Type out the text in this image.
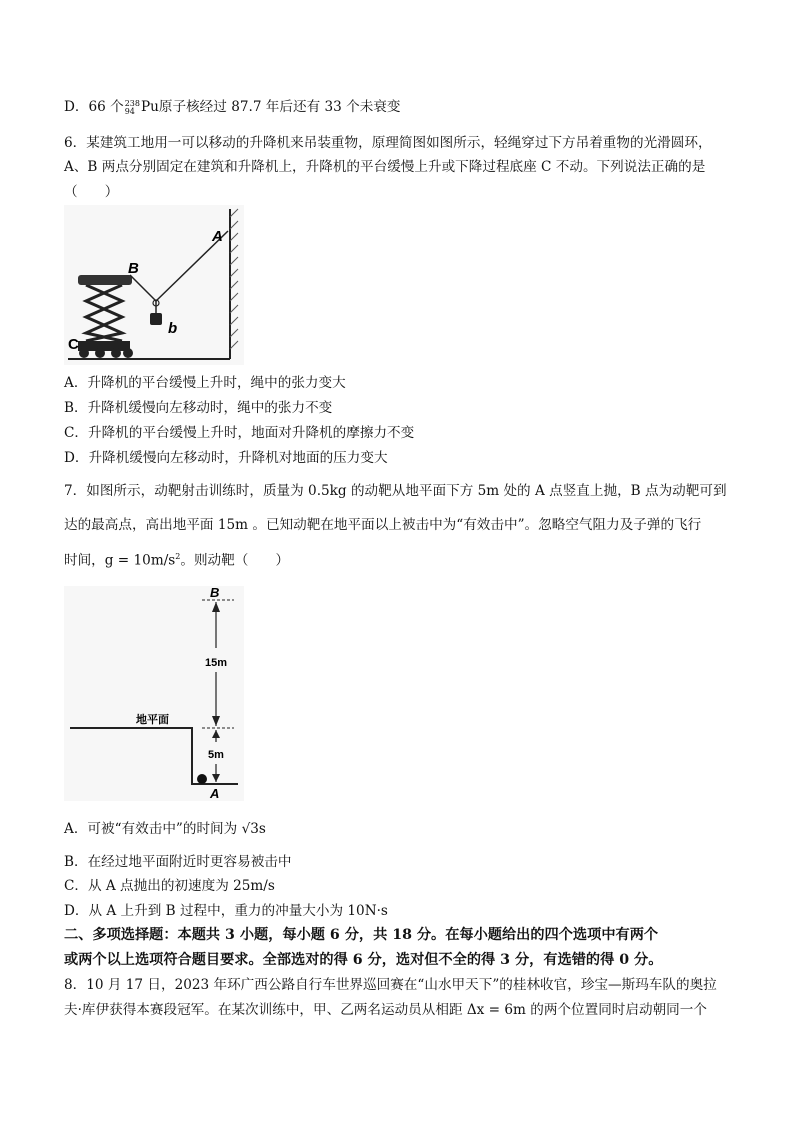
D．66 个 238
94 Pu原子核经过 87.7 年后还有 33 个未衰变
6．某建筑工地用一可以移动的升降机来吊装重物，原理简图如图所示，轻绳穿过下方吊着重物的光滑圆环，
A、B 两点分别固定在建筑和升降机上，升降机的平台缓慢上升或下降过程底座 C 不动。下列说法正确的是
（　　）
A
B
C
b
A．升降机的平台缓慢上升时，绳中的张力变大
B．升降机缓慢向左移动时，绳中的张力不变
C．升降机的平台缓慢上升时，地面对升降机的摩擦力不变
D．升降机缓慢向左移动时，升降机对地面的压力变大
7．如图所示，动靶射击训练时，质量为 0.5kg 的动靶从地平面下方 5m 处的 A 点竖直上抛，B 点为动靶可到
达的最高点，高出地平面 15m 。已知动靶在地平面以上被击中为“有效击中”。忽略空气阻力及子弹的飞行
时间，$g = 10m/s^2$。则动靶（　　）
B
A
15m
5m
地平面
A．可被“有效击中”的时间为 √3s
B．在经过地平面附近时更容易被击中
C．从 A 点抛出的初速度为 25m/s
D．从 A 上升到 B 过程中，重力的冲量大小为 10N·s
二、多项选择题：本题共 3 小题，每小题 6 分，共 18 分。在每小题给出的四个选项中有两个
或两个以上选项符合题目要求。全部选对的得 6 分，选对但不全的得 3 分，有选错的得 0 分。
8．10 月 17 日，2023 年环广西公路自行车世界巡回赛在“山水甲天下”的桂林收官，珍宝—斯玛车队的奥拉
夫·库伊获得本赛段冠军。在某次训练中，甲、乙两名运动员从相距 Δx = 6m 的两个位置同时启动朝同一个
